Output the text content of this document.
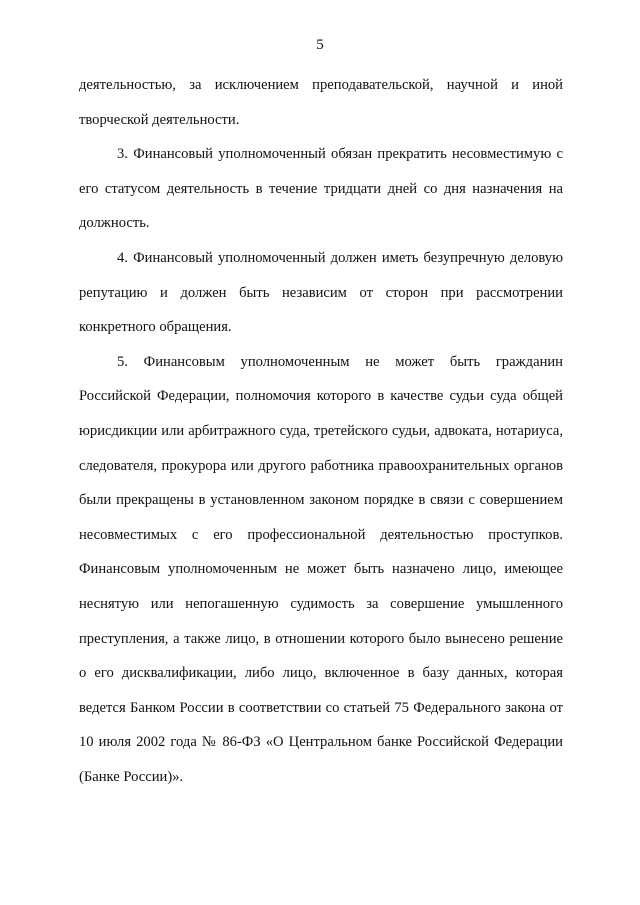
5

деятельностью, за исключением преподавательской, научной и иной творческой деятельности.

3. Финансовый уполномоченный обязан прекратить несовместимую с его статусом деятельность в течение тридцати дней со дня назначения на должность.

4. Финансовый уполномоченный должен иметь безупречную деловую репутацию и должен быть независим от сторон при рассмотрении конкретного обращения.

5. Финансовым уполномоченным не может быть гражданин Российской Федерации, полномочия которого в качестве судьи суда общей юрисдикции или арбитражного суда, третейского судьи, адвоката, нотариуса, следователя, прокурора или другого работника правоохранительных органов были прекращены в установленном законом порядке в связи с совершением несовместимых с его профессиональной деятельностью проступков. Финансовым уполномоченным не может быть назначено лицо, имеющее неснятую или непогашенную судимость за совершение умышленного преступления, а также лицо, в отношении которого было вынесено решение о его дисквалификации, либо лицо, включенное в базу данных, которая ведется Банком России в соответствии со статьей 75 Федерального закона от 10 июля 2002 года № 86-ФЗ «О Центральном банке Российской Федерации (Банке России)».
